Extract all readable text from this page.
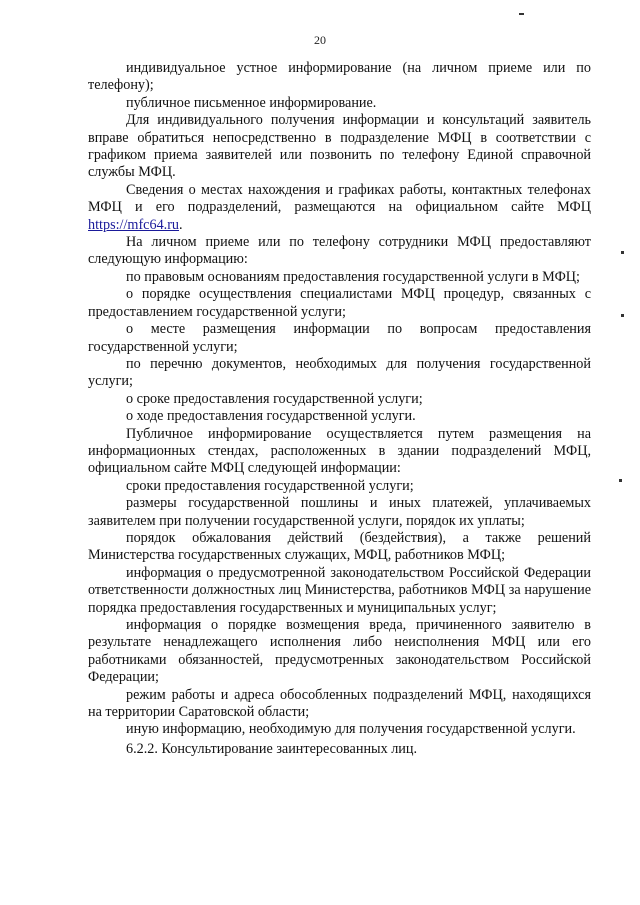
20

индивидуальное устное информирование (на личном приеме или по телефону);

публичное письменное информирование.

Для индивидуального получения информации и консультаций заявитель вправе обратиться непосредственно в подразделение МФЦ в соответствии с графиком приема заявителей или позвонить по телефону Единой справочной службы МФЦ.

Сведения о местах нахождения и графиках работы, контактных телефонах МФЦ и его подразделений, размещаются на официальном сайте МФЦ https://mfc64.ru.

На личном приеме или по телефону сотрудники МФЦ предоставляют следующую информацию:

по правовым основаниям предоставления государственной услуги в МФЦ;

о порядке осуществления специалистами МФЦ процедур, связанных с предоставлением государственной услуги;

о месте размещения информации по вопросам предоставления государственной услуги;

по перечню документов, необходимых для получения государственной услуги;

о сроке предоставления государственной услуги;

о ходе предоставления государственной услуги.

Публичное информирование осуществляется путем размещения на информационных стендах, расположенных в здании подразделений МФЦ, официальном сайте МФЦ следующей информации:

сроки предоставления государственной услуги;

размеры государственной пошлины и иных платежей, уплачиваемых заявителем при получении государственной услуги, порядок их уплаты;

порядок обжалования действий (бездействия), а также решений Министерства государственных служащих, МФЦ, работников МФЦ;

информация о предусмотренной законодательством Российской Федерации ответственности должностных лиц Министерства, работников МФЦ за нарушение порядка предоставления государственных и муниципальных услуг;

информация о порядке возмещения вреда, причиненного заявителю в результате ненадлежащего исполнения либо неисполнения МФЦ или его работниками обязанностей, предусмотренных законодательством Российской Федерации;

режим работы и адреса обособленных подразделений МФЦ, находящихся на территории Саратовской области;

иную информацию, необходимую для получения государственной услуги.

6.2.2. Консультирование заинтересованных лиц.
